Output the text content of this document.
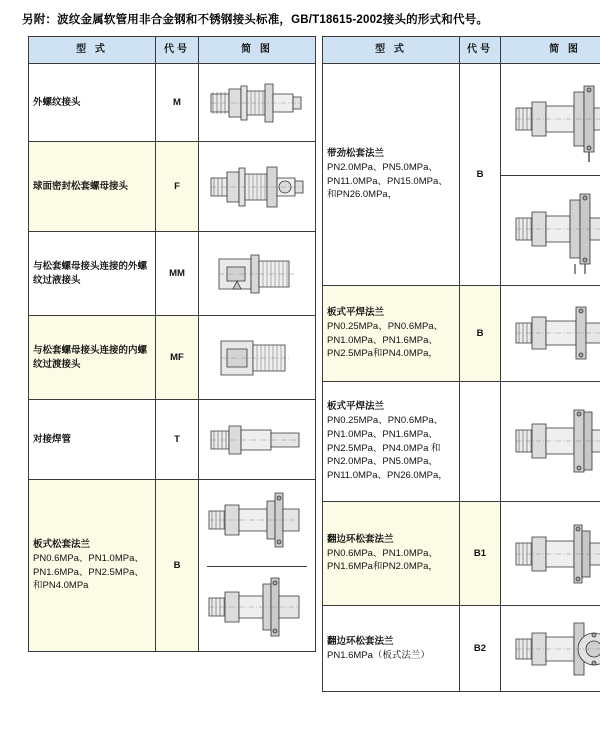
另附：波纹金属软管用非合金钢和不锈钢接头标准，GB/T18615-2002接头的形式和代号。
型 式	代号	简 图

外螺纹接头	M	

球面密封松套螺母接头	F	

与松套螺母接头连接的外螺纹过液接头	MM	

与松套螺母接头连接的内螺纹过渡接头	MF	

对接焊管	T	

板式松套法兰
PN0.6MPa、PN1.0MPa、
PN1.6MPa、PN2.5MPa、
和PN4.0MPa	B	
型 式	代号	简 图

带劲松套法兰
PN2.0MPa、PN5.0MPa、
PN11.0MPa、PN15.0MPa、
和PN26.0MPa，	B	

板式平焊法兰
PN0.25MPa、PN0.6MPa、
PN1.0MPa、PN1.6MPa、
PN2.5MPa和PN4.0MPa，	B	

板式平焊法兰
PN0.25MPa、PN0.6MPa、
PN1.0MPa、PN1.6MPa、
PN2.5MPa、PN4.0MPa 和
PN2.0MPa、PN5.0MPa、
PN11.0MPa、PN26.0MPa，

翻边环松套法兰
PN0.6MPa、PN1.0MPa、
PN1.6MPa和PN2.0MPa，	B1	

翻边环松套法兰
PN1.6MPa（板式法兰）	B2	
